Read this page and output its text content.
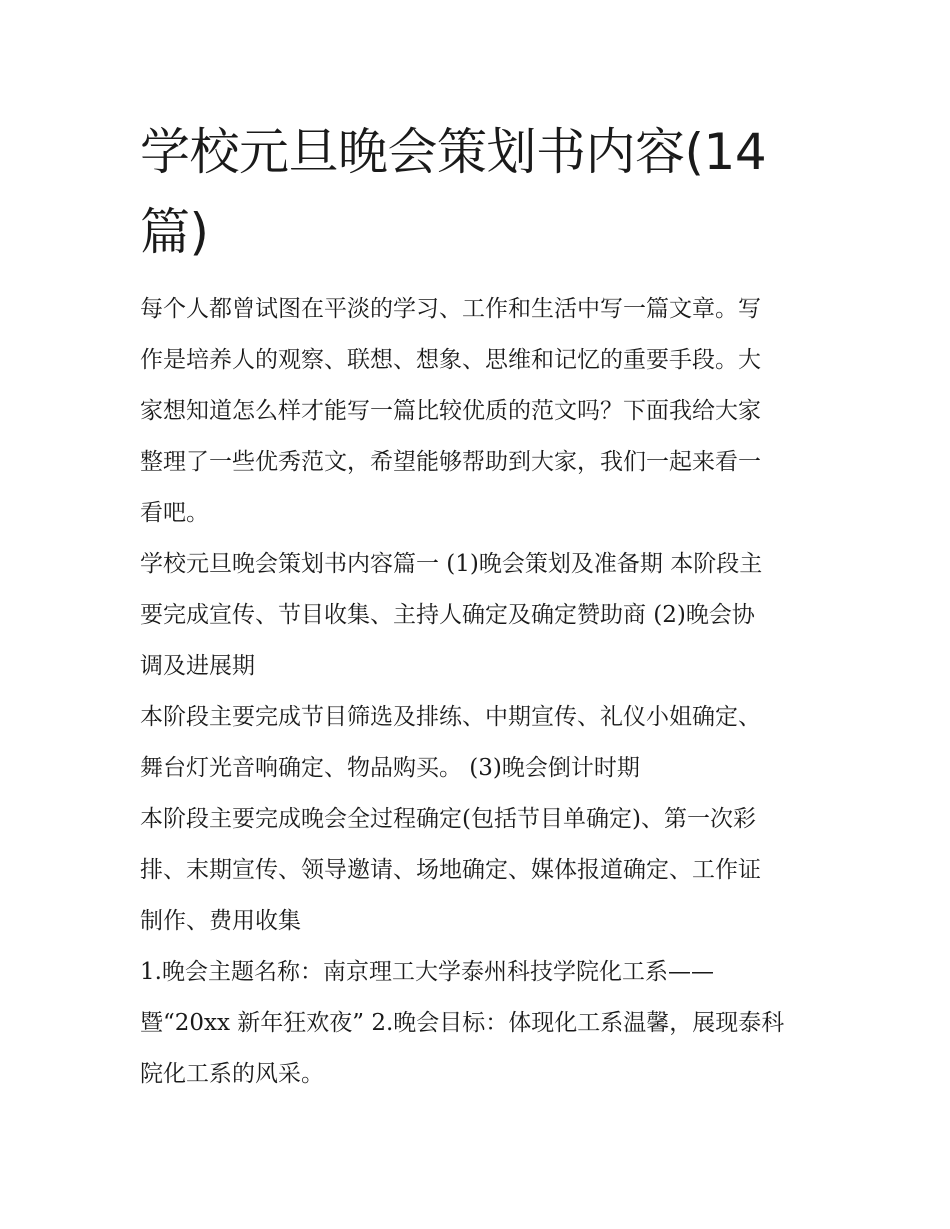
学校元旦晚会策划书内容(14
篇)
每个人都曾试图在平淡的学习、工作和生活中写一篇文章。写
作是培养人的观察、联想、想象、思维和记忆的重要手段。大
家想知道怎么样才能写一篇比较优质的范文吗？下面我给大家
整理了一些优秀范文，希望能够帮助到大家，我们一起来看一
看吧。
学校元旦晚会策划书内容篇一 (1)晚会策划及准备期 本阶段主
要完成宣传、节目收集、主持人确定及确定赞助商 (2)晚会协
调及进展期
本阶段主要完成节目筛选及排练、中期宣传、礼仪小姐确定、
舞台灯光音响确定、物品购买。 (3)晚会倒计时期
本阶段主要完成晚会全过程确定(包括节目单确定)、第一次彩
排、末期宣传、领导邀请、场地确定、媒体报道确定、工作证
制作、费用收集
1.晚会主题名称：南京理工大学泰州科技学院化工系——
暨“20xx 新年狂欢夜” 2.晚会目标：体现化工系温馨，展现泰科
院化工系的风采。
